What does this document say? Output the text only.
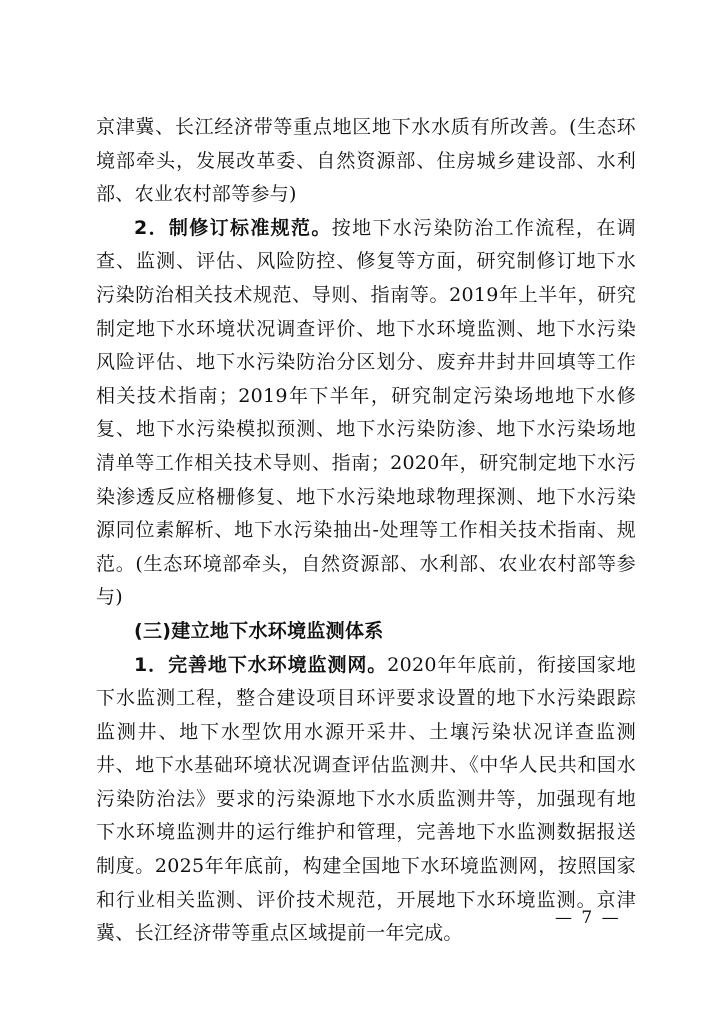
京津冀、长江经济带等重点地区地下水水质有所改善。(生态环境部牵头，发展改革委、自然资源部、住房城乡建设部、水利部、农业农村部等参与)

2．制修订标准规范。按地下水污染防治工作流程，在调查、监测、评估、风险防控、修复等方面，研究制修订地下水污染防治相关技术规范、导则、指南等。2019年上半年，研究制定地下水环境状况调查评价、地下水环境监测、地下水污染风险评估、地下水污染防治分区划分、废弃井封井回填等工作相关技术指南；2019年下半年，研究制定污染场地地下水修复、地下水污染模拟预测、地下水污染防渗、地下水污染场地清单等工作相关技术导则、指南；2020年，研究制定地下水污染渗透反应格栅修复、地下水污染地球物理探测、地下水污染源同位素解析、地下水污染抽出-处理等工作相关技术指南、规范。(生态环境部牵头，自然资源部、水利部、农业农村部等参与)

(三)建立地下水环境监测体系

1．完善地下水环境监测网。2020年年底前，衔接国家地下水监测工程，整合建设项目环评要求设置的地下水污染跟踪监测井、地下水型饮用水源开采井、土壤污染状况详查监测井、地下水基础环境状况调查评估监测井、《中华人民共和国水污染防治法》要求的污染源地下水水质监测井等，加强现有地下水环境监测井的运行维护和管理，完善地下水监测数据报送制度。2025年年底前，构建全国地下水环境监测网，按照国家和行业相关监测、评价技术规范，开展地下水环境监测。京津冀、长江经济带等重点区域提前一年完成。

— 7 —
